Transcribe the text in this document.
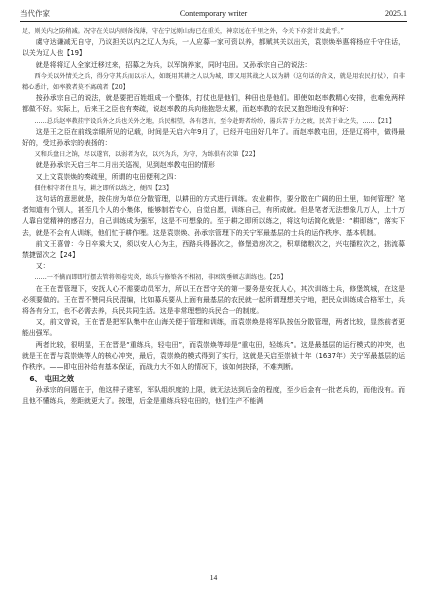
当代作家	Contemporary writer	2025.1

足，则关内之防稍减。况守在关以内则备浅薄，守在宁远则山海已在重关，神京远在千里之外，今关下亦尝计及此乎。”

虞守达谦减无自守，乃议担关以内之辽人为兵，一人应募一家可资以养，都赋其关以出关，袁崇焕举惠将杨应千守住话，以关为辽人也【19】

就是将将辽人全家迁移过来，招募之为兵，以军饷养家，同时屯田。又孙承宗自己的说法：

西今关以外情关之兵，得分守其兵而以示人，如既用其耕之人以为城，即又用其战之人以为耕（这句话的含义，就是用农民打仗），自非精心悉计，如率教者莫不离疏者【20】

按孙承宗自己的说法，就是要把百姓组成一个整体，打仗也是他们，种田也是他们。即使如赵率教精心安排，也难免两样都做不好。实际上，后来王之臣也有奏疏，说赵率教的兵向他抱怨太累，而赵率教的农民又抱怨地没有种好：

……总兵赵率教挂宇设兵外之兵也关外之地，兵民相望，各有怨言，至今赴野者纷纷，嚣兵苦于力之疲，民苦于业之失，……【21】

这是王之臣在前线亲眼所见的记载，时间是天启六年9月了，已经开屯田好几年了。而赵率教屯田，还是辽将中，做得最好的，受过孙承宗的表扬的：

又和兵盘日之饷，尽以遂官，以弱者为农，以兴为兵，为守，为练俱有次第【22】

就是孙承宗天启三年二月出关巡视，见到赵率教屯田的情形

又上文袁崇焕的奏疏里，所谓的屯田便利之四：

佃住相守者住且与，耕之即所以练之，便四【23】

这句话的意思就是，按住房为单位分散管理，以耕田的方式进行训练。农业耕作，要分散在广阔的田土里，如何管理？笔者知道有个别人，甚至几个人的小集体，能够制若专心，自觉自愿，训练自己，有所成就。但是笔者无法想象几万人，上十万人靠自觉精神的感召力，自己训练成为强军，这是不可想象的。至于耕之即所以练之，将这句话简化就是：“耕即练”，落实下去，就是不会有人训练，他们忙于耕作哩。这是袁崇焕、孙承宗管理下的关宁军最基层的士兵的运作秩序、基本机制。

前文王喜曾：今日卒乘大又，须以安人心为主，西路兵得器次之，修堡造房次之，积草储粮次之，兴屯播粒次之，拙流募禁捷留次之【24】

又：

……一不擒而即即行摆去管将领卷宪炎，练兵与修築各不相初，非困筑垂顿志训练也。【25】

在王在晋管理下，安抚人心不需要动员军力，所以王在晋守关的第一要务是安抚人心，其次训练士兵，修堡筑城，在这是必须要做的。王在晋不赞同兵民混编，比如募兵要从上面有最基层的农民就一起所谓理想关宁地，把民众训练成合格军士，兵将各有分工，也不必需去养，兵民共同生活。这是非常理想的兵民合一的制度。

又，前文曾说，王在晋是把军队集中在山海关便于管理和训练，而袁崇焕是将军队按伍分散管理，两者比较，显然前者更能出强军。

两者比较，很明显，王在晋是“重练兵，轻屯田”，而袁崇焕等却是“重屯田，轻练兵”。这是最基层的运行模式的冲突，也就是王在晋与袁崇焕等人的核心冲突，最后，袁崇焕的模式得到了实行，这就是天启至崇祯十年（1637年）关宁军最基层的运作秩序。——即屯田补给有基本保证，而战力大不如人的情况下，该如何抉择，不难判断。

6、 屯田之效

孙承宗的问题在于，他这样子建军，军队组织度的上限，就无法达到后金的程度，至少后金有一批老兵的，而他没有。而且他不懂练兵，差距就更大了。按理，后金是重练兵轻屯田的，他们生产不能满

14
